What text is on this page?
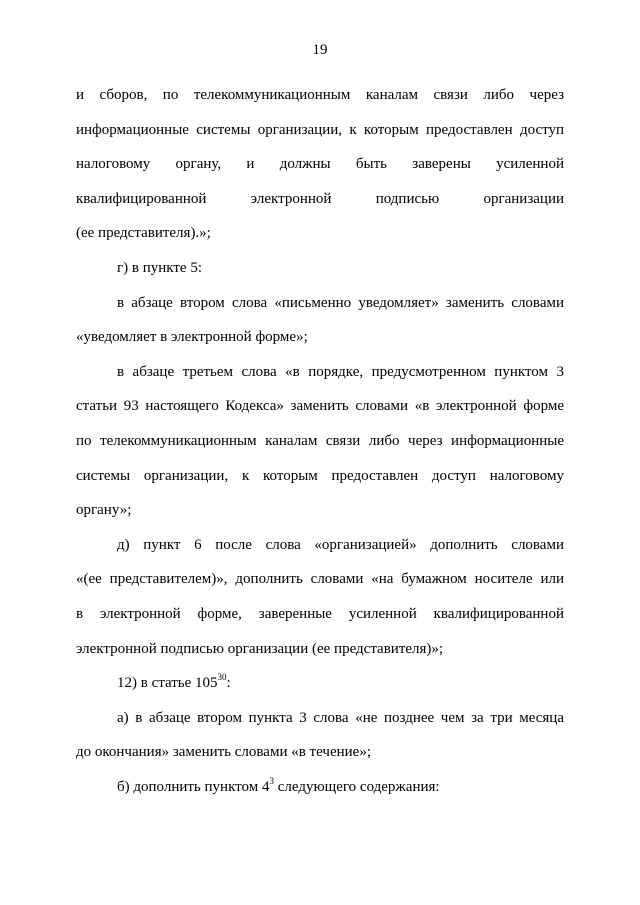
19
и сборов, по телекоммуникационным каналам связи либо через
информационные системы организации, к которым предоставлен доступ
налоговому органу, и должны быть заверены усиленной
квалифицированной электронной подписью организации
(ее представителя).»;
г) в пункте 5:
в абзаце втором слова «письменно уведомляет» заменить словами
«уведомляет в электронной форме»;
в абзаце третьем слова «в порядке, предусмотренном пунктом 3
статьи 93 настоящего Кодекса» заменить словами «в электронной форме
по телекоммуникационным каналам связи либо через информационные
системы организации, к которым предоставлен доступ налоговому
органу»;
д) пункт 6 после слова «организацией» дополнить словами
«(ее представителем)», дополнить словами «на бумажном носителе или
в электронной форме, заверенные усиленной квалифицированной
электронной подписью организации (ее представителя)»;
12) в статье $105^{30}$:
а) в абзаце втором пункта 3 слова «не позднее чем за три месяца
до окончания» заменить словами «в течение»;
б) дополнить пунктом $4^3$ следующего содержания:
